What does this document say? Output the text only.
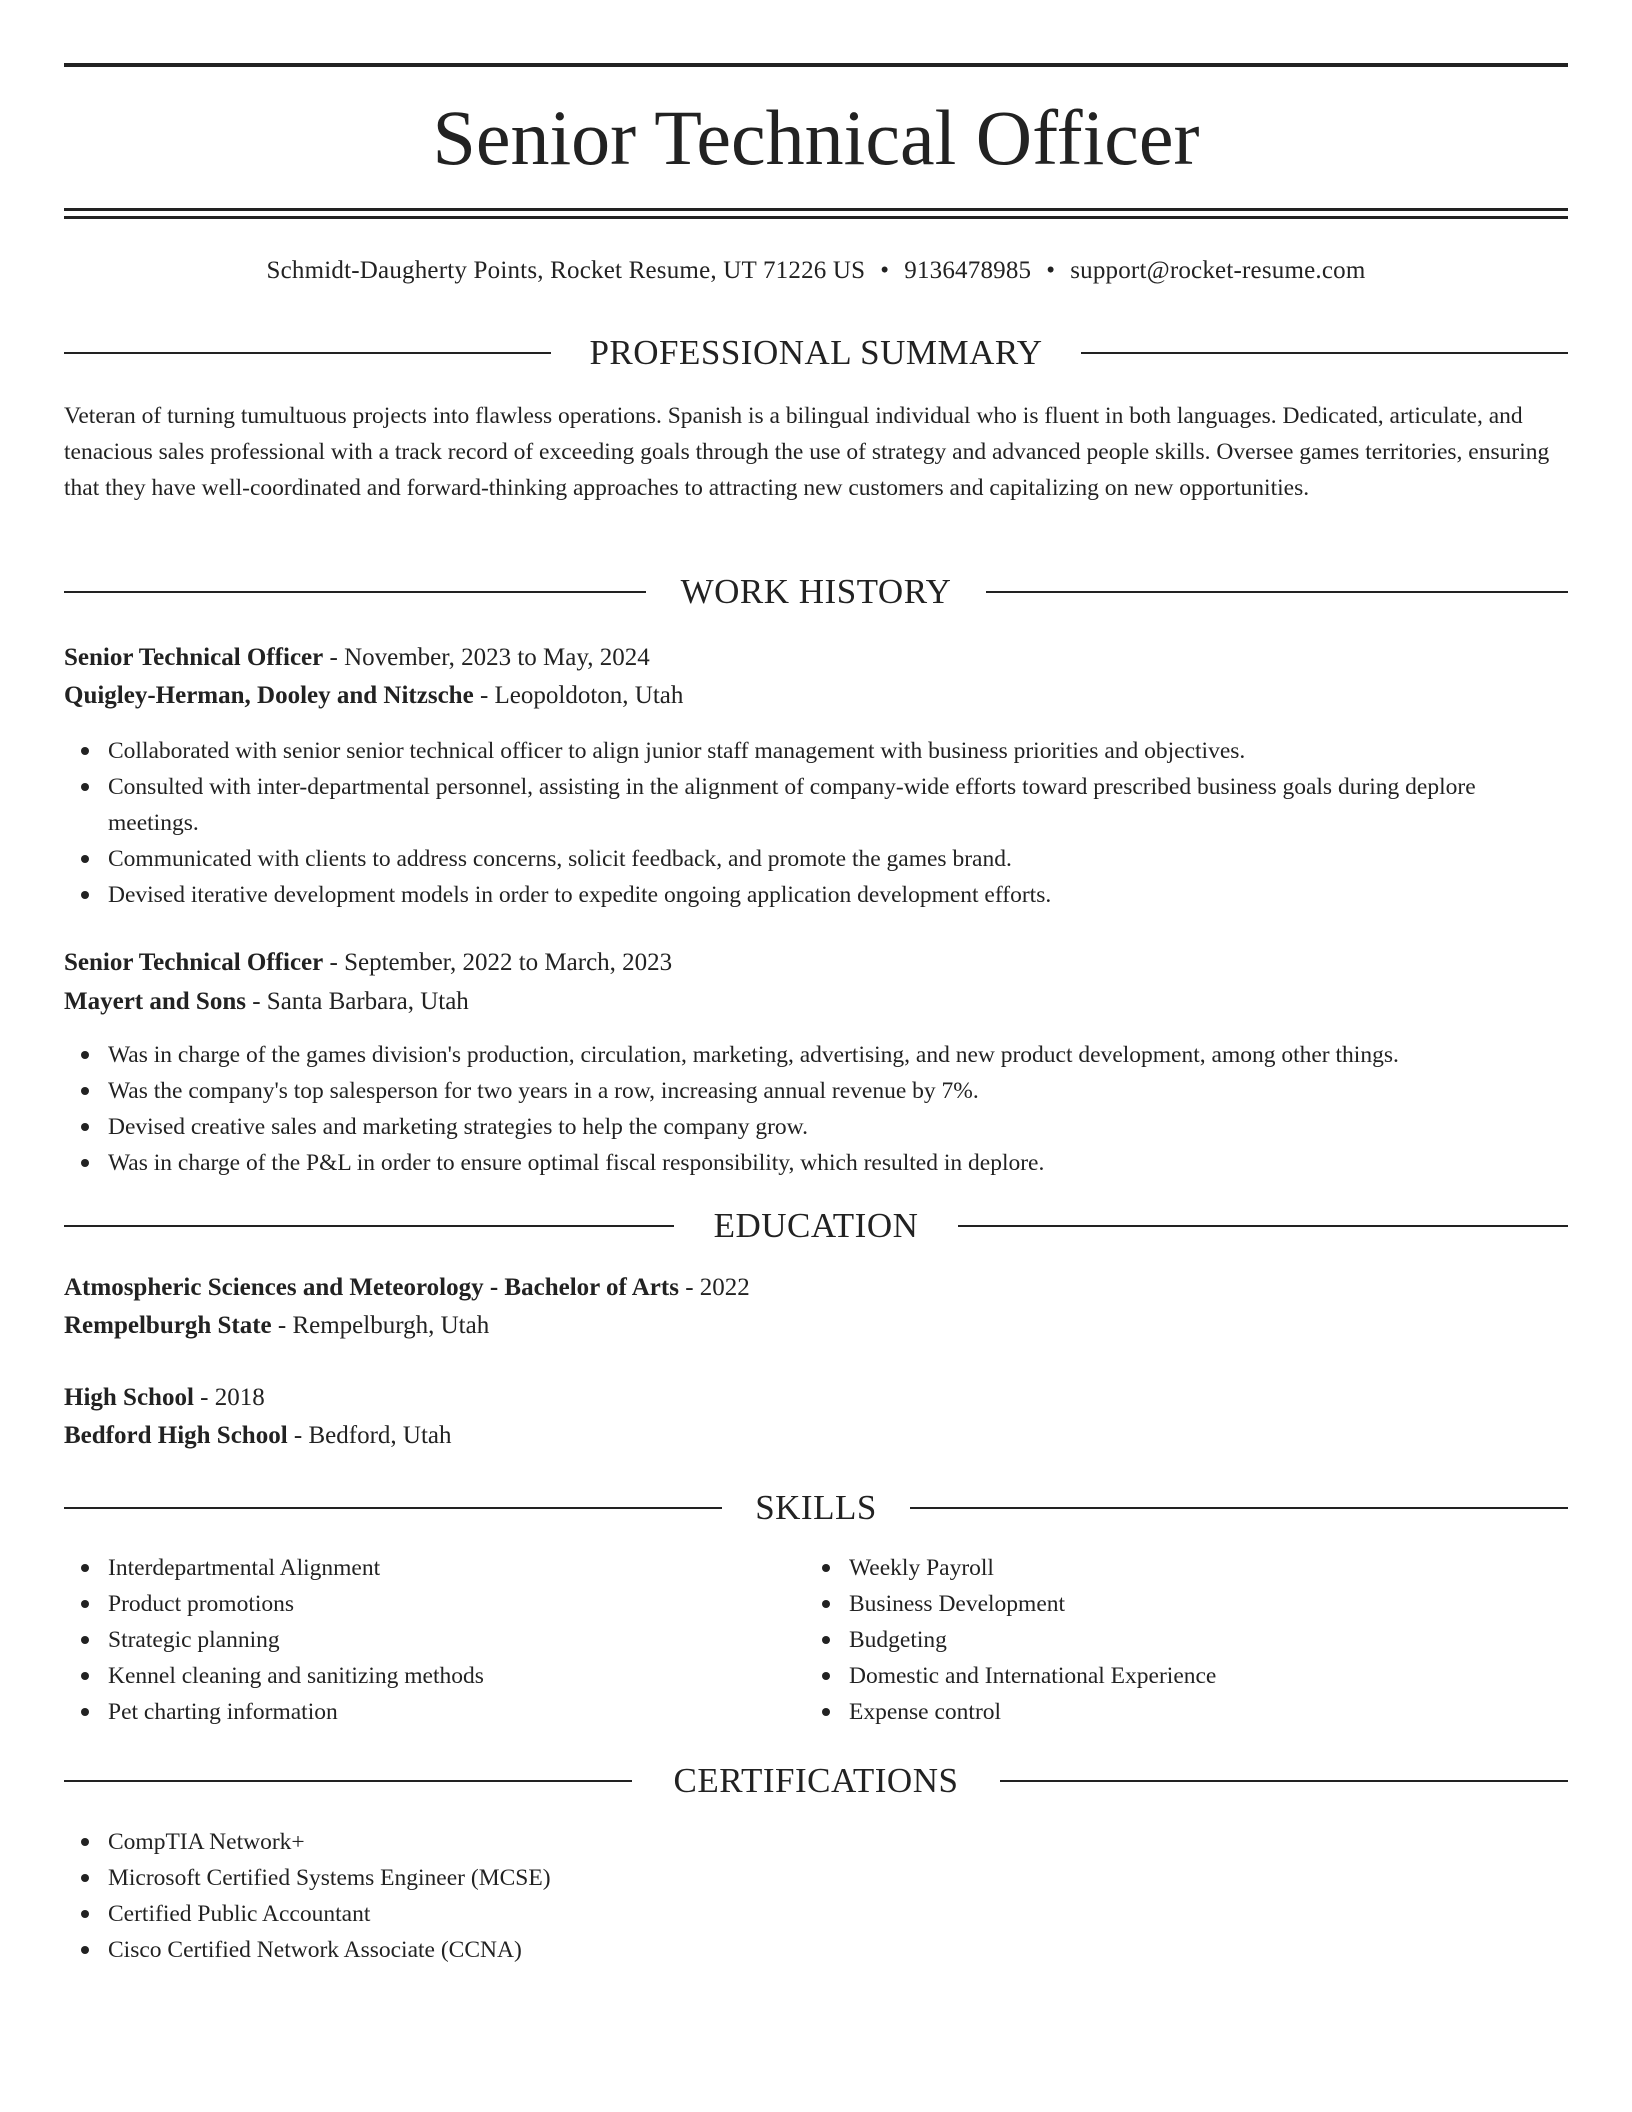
Senior Technical Officer
Schmidt-Daugherty Points, Rocket Resume, UT 71226 US • 9136478985 • support@rocket-resume.com
PROFESSIONAL SUMMARY
Veteran of turning tumultuous projects into flawless operations. Spanish is a bilingual individual who is fluent in both languages. Dedicated, articulate, and tenacious sales professional with a track record of exceeding goals through the use of strategy and advanced people skills. Oversee games territories, ensuring that they have well-coordinated and forward-thinking approaches to attracting new customers and capitalizing on new opportunities.
WORK HISTORY
Senior Technical Officer - November, 2023 to May, 2024
Quigley-Herman, Dooley and Nitzsche - Leopoldoton, Utah
Collaborated with senior senior technical officer to align junior staff management with business priorities and objectives.
Consulted with inter-departmental personnel, assisting in the alignment of company-wide efforts toward prescribed business goals during deplore meetings.
Communicated with clients to address concerns, solicit feedback, and promote the games brand.
Devised iterative development models in order to expedite ongoing application development efforts.
Senior Technical Officer - September, 2022 to March, 2023
Mayert and Sons - Santa Barbara, Utah
Was in charge of the games division's production, circulation, marketing, advertising, and new product development, among other things.
Was the company's top salesperson for two years in a row, increasing annual revenue by 7%.
Devised creative sales and marketing strategies to help the company grow.
Was in charge of the P&L in order to ensure optimal fiscal responsibility, which resulted in deplore.
EDUCATION
Atmospheric Sciences and Meteorology - Bachelor of Arts - 2022
Rempelburgh State - Rempelburgh, Utah
High School - 2018
Bedford High School - Bedford, Utah
SKILLS
Interdepartmental Alignment
Product promotions
Strategic planning
Kennel cleaning and sanitizing methods
Pet charting information
Weekly Payroll
Business Development
Budgeting
Domestic and International Experience
Expense control
CERTIFICATIONS
CompTIA Network+
Microsoft Certified Systems Engineer (MCSE)
Certified Public Accountant
Cisco Certified Network Associate (CCNA)
